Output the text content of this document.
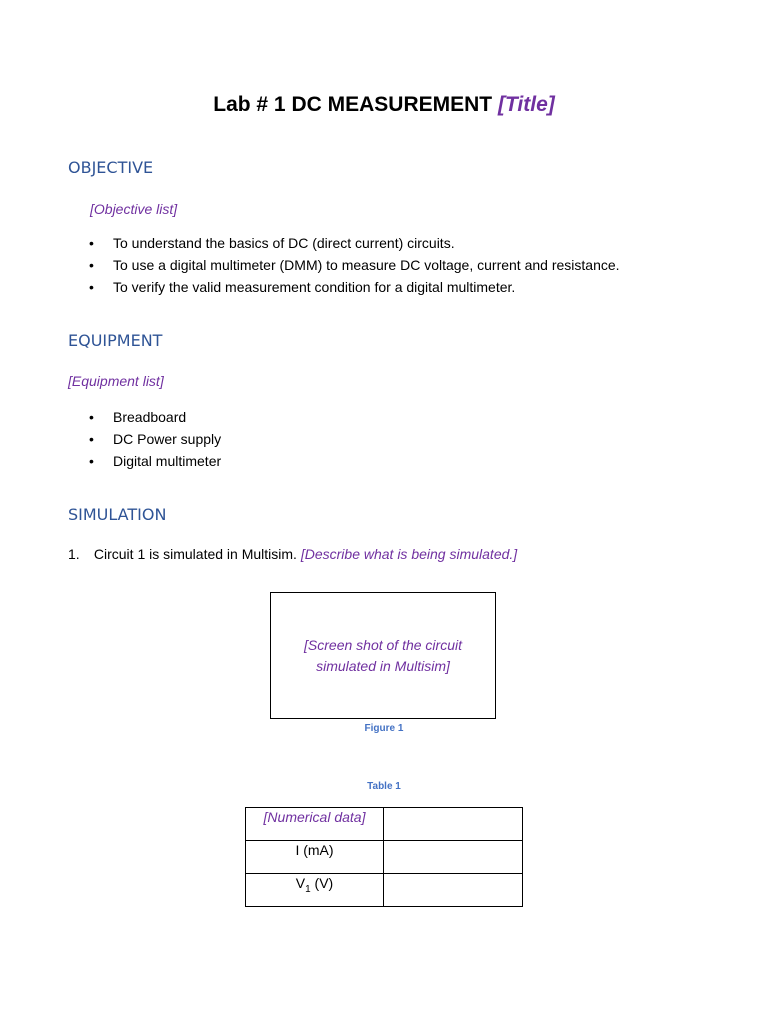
Lab # 1 DC MEASUREMENT [Title]
OBJECTIVE

[Objective list]

• To understand the basics of DC (direct current) circuits.
• To use a digital multimeter (DMM) to measure DC voltage, current and resistance.
• To verify the valid measurement condition for a digital multimeter.
EQUIPMENT

[Equipment list]

• Breadboard
• DC Power supply
• Digital multimeter
SIMULATION

1. Circuit 1 is simulated in Multisim. [Describe what is being simulated.]

[Screen shot of the circuit simulated in Multisim]
Figure 1
Table 1
[Numerical data]	
I (mA)	
$V_1$ (V)	
